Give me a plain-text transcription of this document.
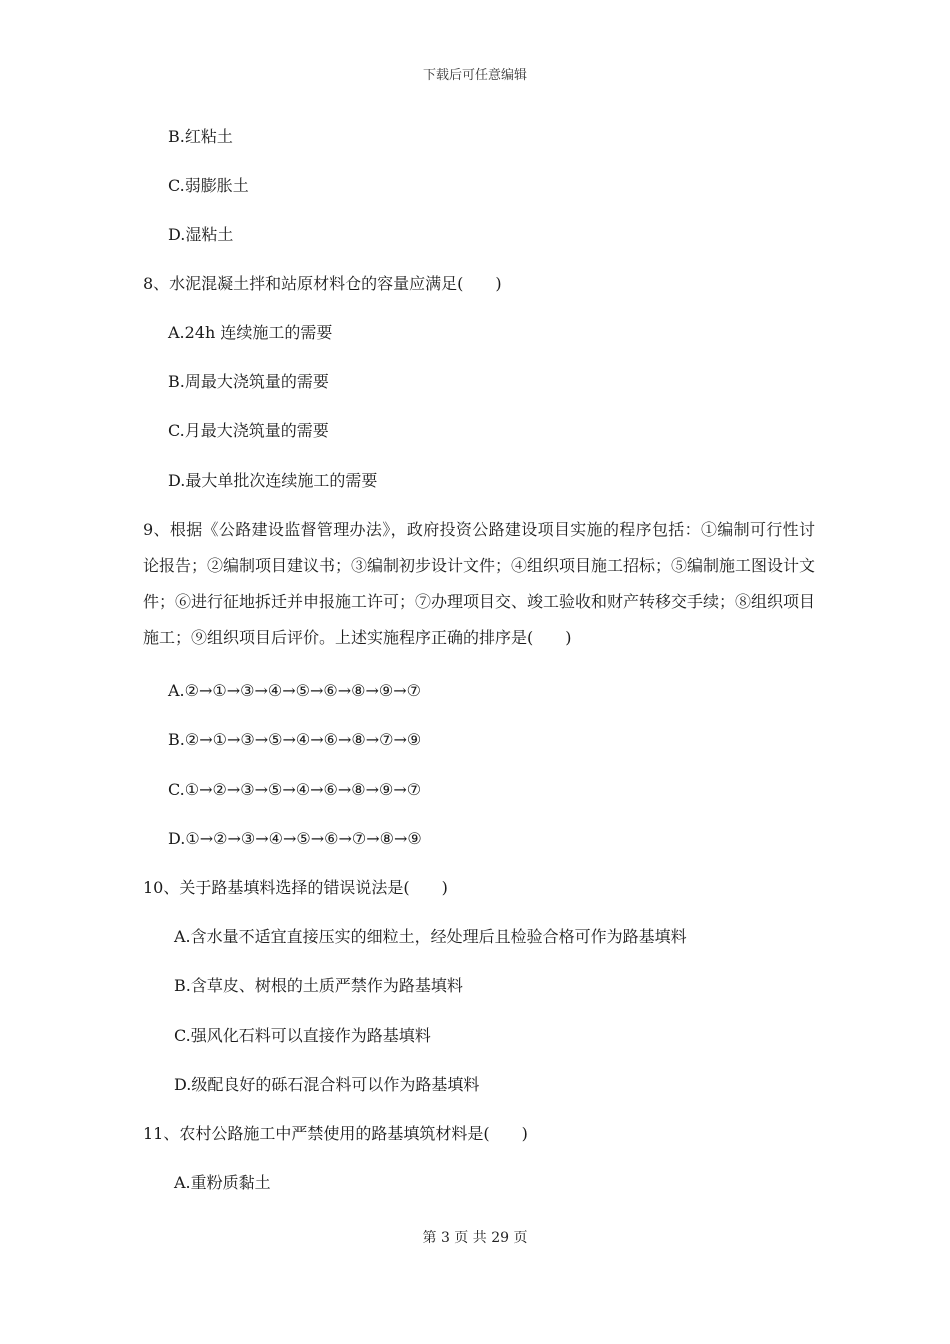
下载后可任意编辑
B.红粘土
C.弱膨胀土
D.湿粘土
8、水泥混凝土拌和站原材料仓的容量应满足(　　)
A.24h 连续施工的需要
B.周最大浇筑量的需要
C.月最大浇筑量的需要
D.最大单批次连续施工的需要
9、根据《公路建设监督管理办法》，政府投资公路建设项目实施的程序包括：①编制可行性讨论报告；②编制项目建议书；③编制初步设计文件；④组织项目施工招标；⑤编制施工图设计文件；⑥进行征地拆迁并申报施工许可；⑦办理项目交、竣工验收和财产转移交手续；⑧组织项目施工；⑨组织项目后评价。上述实施程序正确的排序是(　　)
A.②→①→③→④→⑤→⑥→⑧→⑨→⑦
B.②→①→③→⑤→④→⑥→⑧→⑦→⑨
C.①→②→③→⑤→④→⑥→⑧→⑨→⑦
D.①→②→③→④→⑤→⑥→⑦→⑧→⑨
10、关于路基填料选择的错误说法是(　　)
A.含水量不适宜直接压实的细粒土，经处理后且检验合格可作为路基填料
B.含草皮、树根的土质严禁作为路基填料
C.强风化石料可以直接作为路基填料
D.级配良好的砾石混合料可以作为路基填料
11、农村公路施工中严禁使用的路基填筑材料是(　　)
A.重粉质黏土
第 3 页 共 29 页
